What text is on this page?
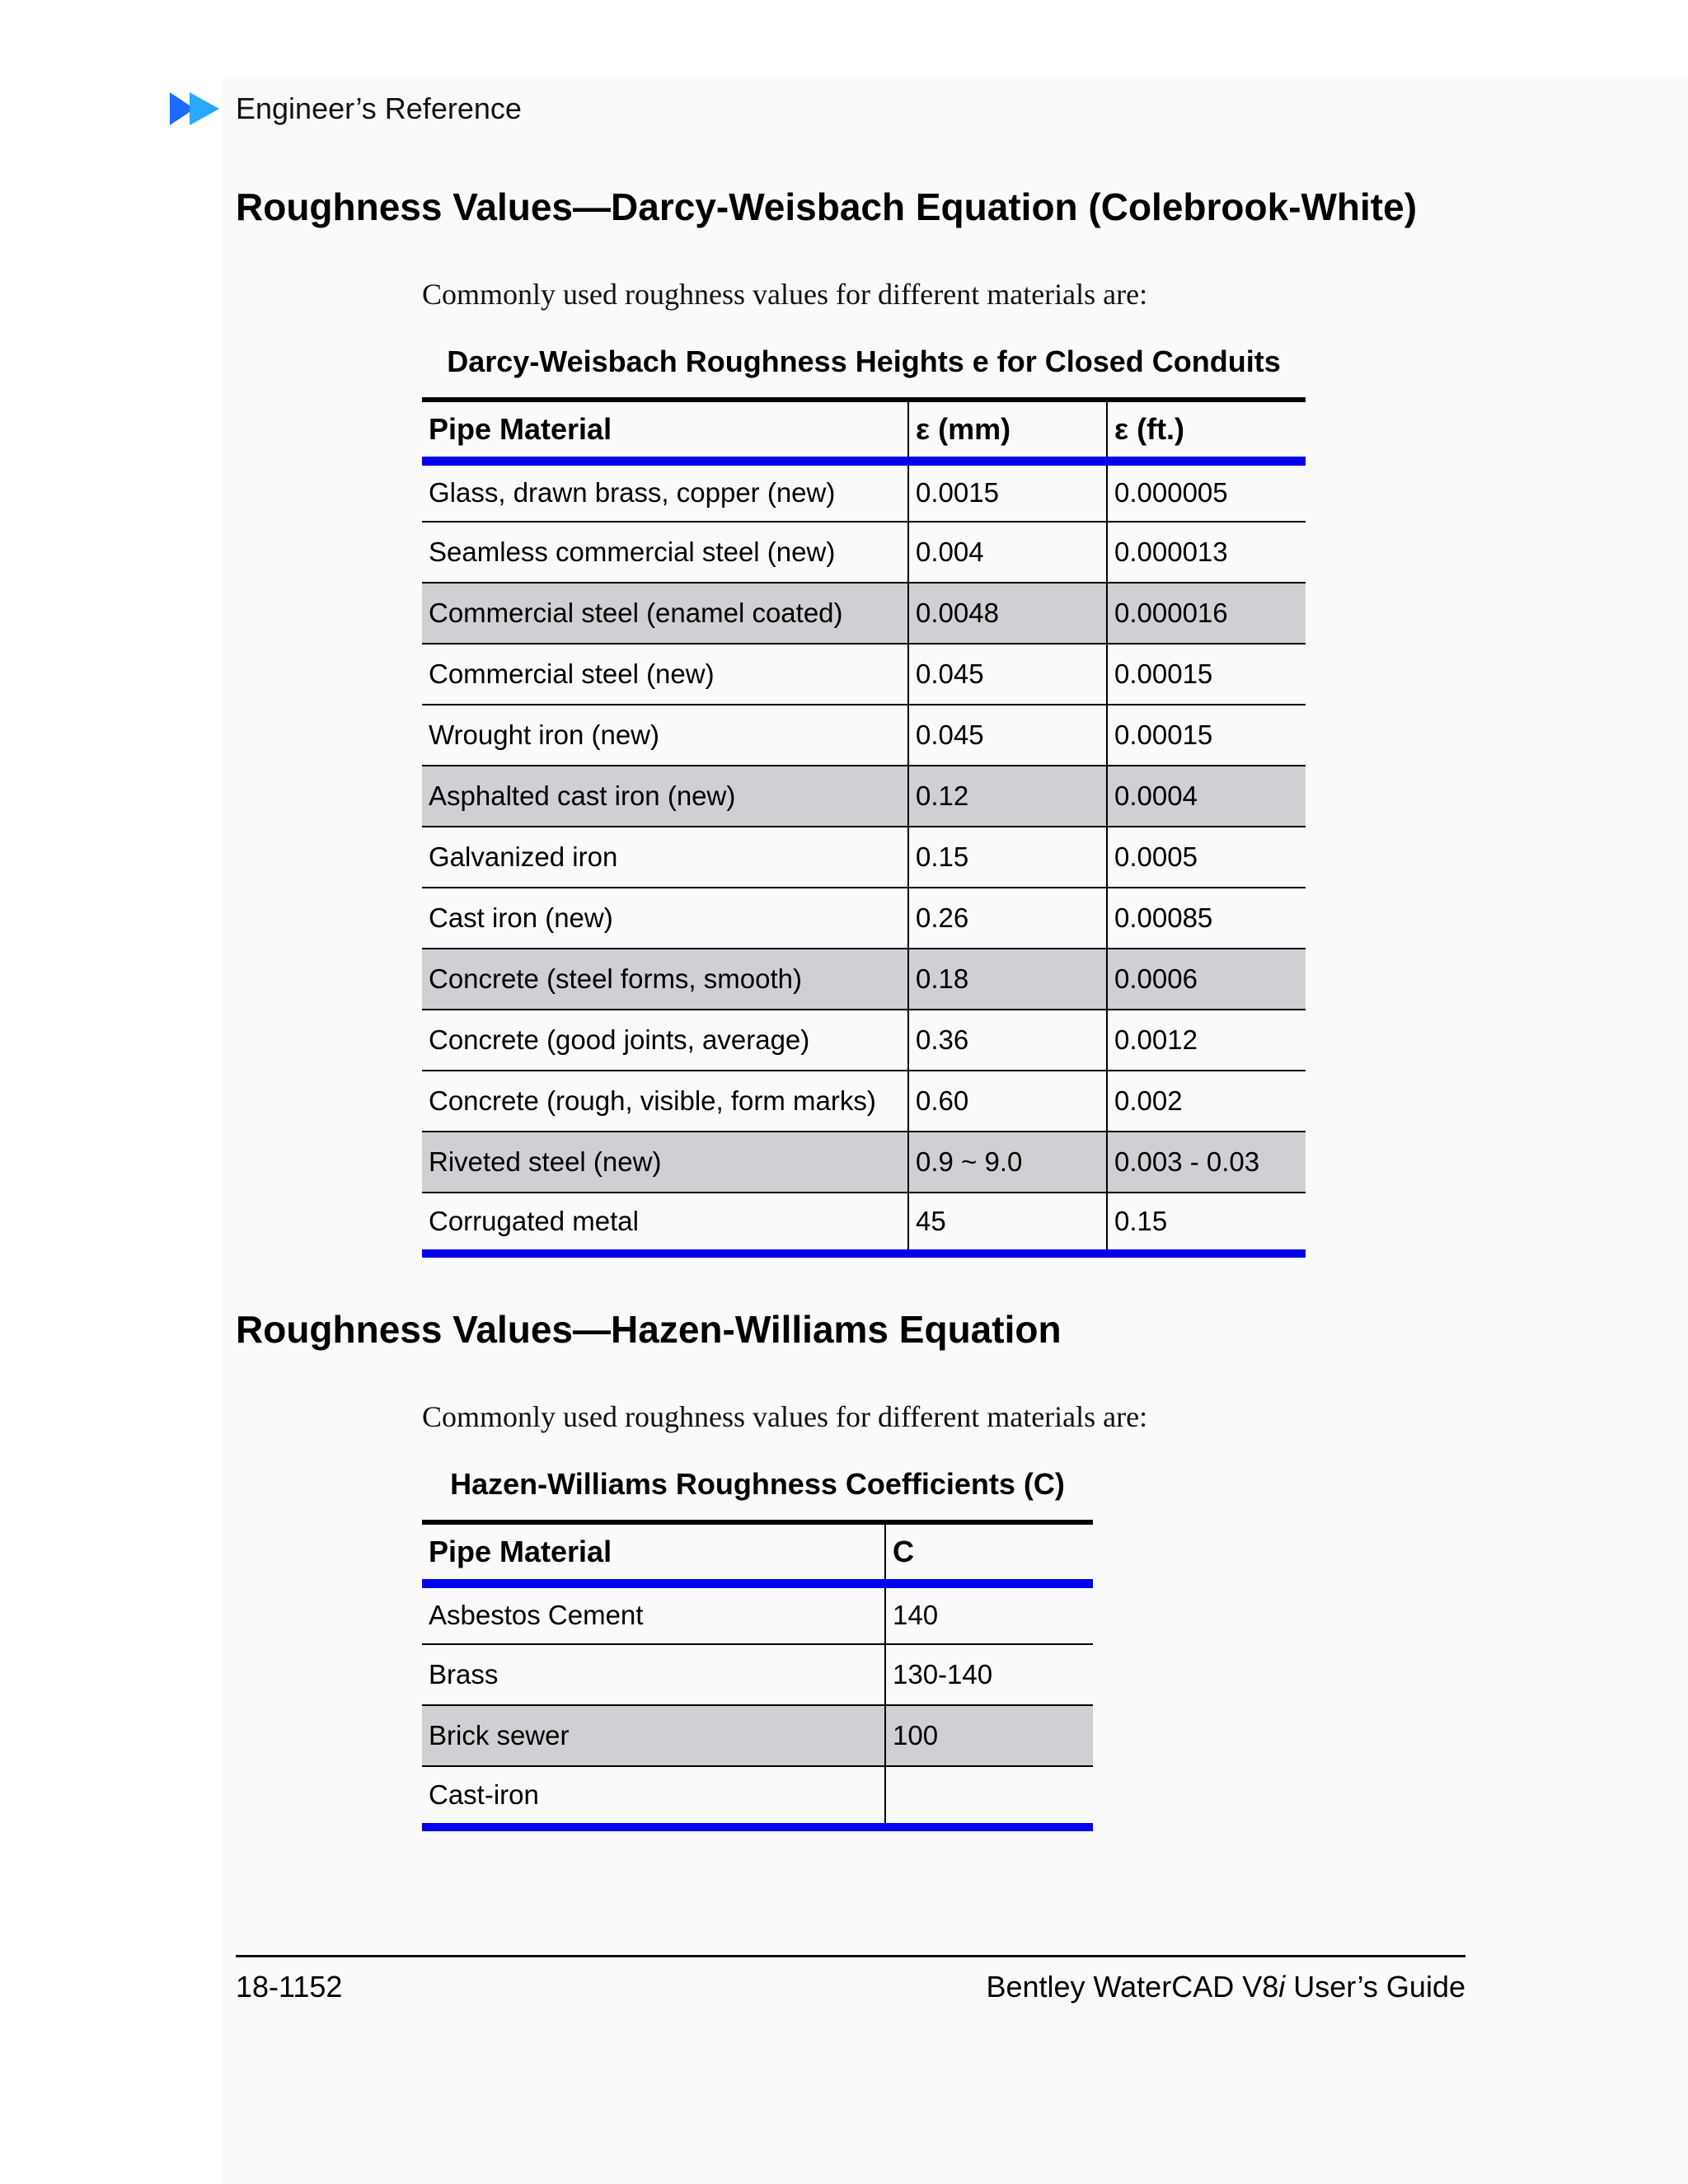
Engineer’s Reference
Roughness Values—Darcy-Weisbach Equation (Colebrook-White)
Commonly used roughness values for different materials are:
Darcy-Weisbach Roughness Heights e for Closed Conduits
Pipe Material	ε (mm)	ε (ft.)
Glass, drawn brass, copper (new)	0.0015	0.000005
Seamless commercial steel (new)	0.004	0.000013
Commercial steel (enamel coated)	0.0048	0.000016
Commercial steel (new)	0.045	0.00015
Wrought iron (new)	0.045	0.00015
Asphalted cast iron (new)	0.12	0.0004
Galvanized iron	0.15	0.0005
Cast iron (new)	0.26	0.00085
Concrete (steel forms, smooth)	0.18	0.0006
Concrete (good joints, average)	0.36	0.0012
Concrete (rough, visible, form marks)	0.60	0.002
Riveted steel (new)	0.9 ~ 9.0	0.003 - 0.03
Corrugated metal	45	0.15
Roughness Values—Hazen-Williams Equation
Commonly used roughness values for different materials are:
Hazen-Williams Roughness Coefficients (C)
Pipe Material	C
Asbestos Cement	140
Brass	130-140
Brick sewer	100
Cast-iron	
18-1152	Bentley WaterCAD V8i User’s Guide
